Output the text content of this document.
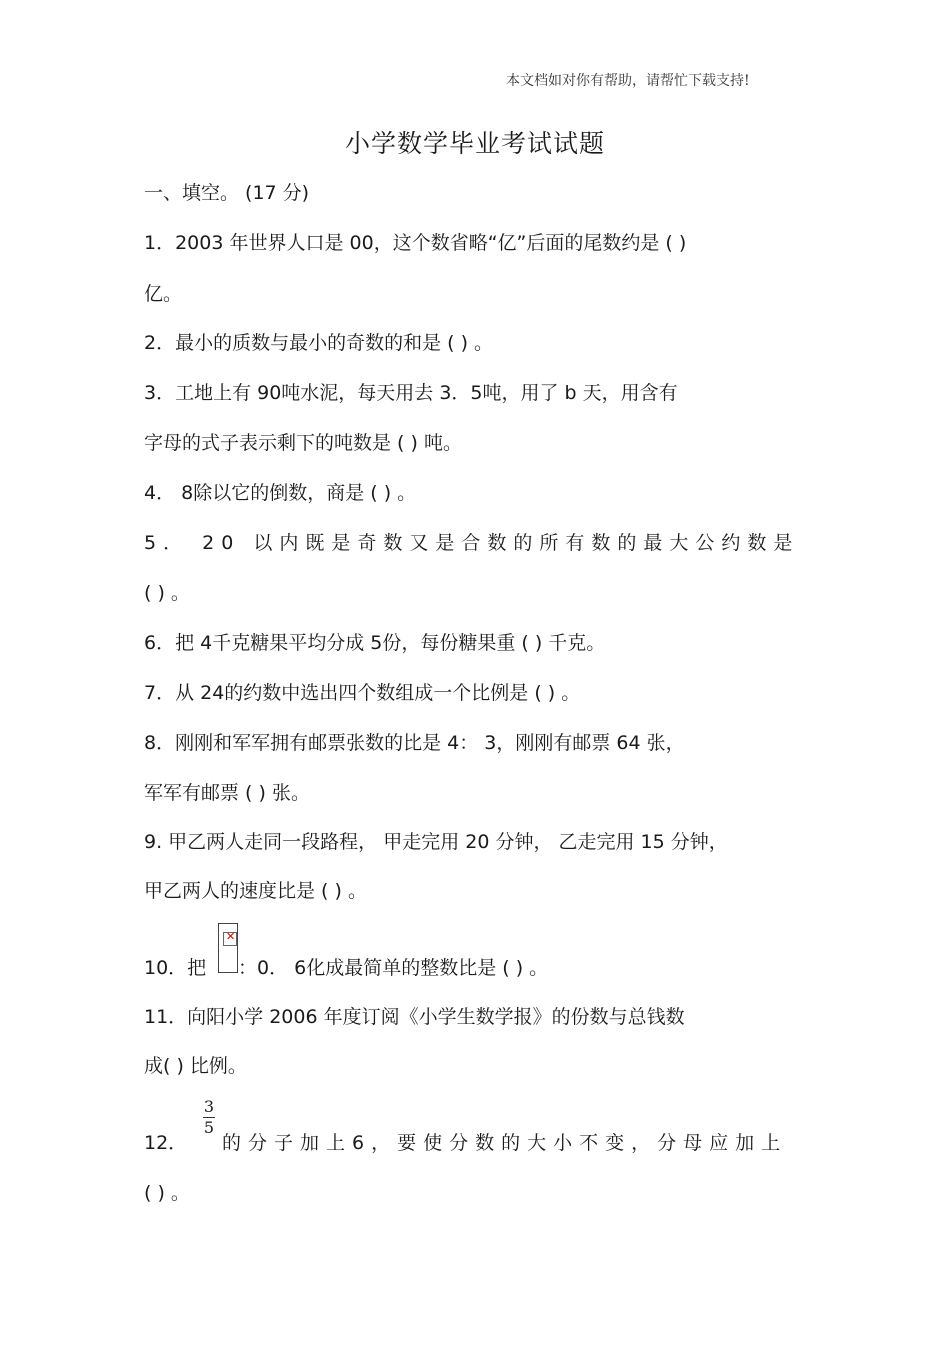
本文档如对你有帮助，请帮忙下载支持!
小学数学毕业考试试题
一、填空。 (17 分)
1．2003 年世界人口是 00，这个数省略“亿”后面的尾数约是 ( )
亿。
2．最小的质数与最小的奇数的和是 ( ) 。
3．工地上有 90吨水泥，每天用去 3．5吨，用了 b 天，用含有
字母的式子表示剩下的吨数是 ( ) 吨。
4． 8除以它的倒数，商是 ( ) 。
5． 20 以内既是奇数又是合数的所有数的最大公约数是
( ) 。
6．把 4千克糖果平均分成 5份，每份糖果重 ( ) 千克。
7．从 24的约数中选出四个数组成一个比例是 ( ) 。
8．刚刚和军军拥有邮票张数的比是 4： 3，刚刚有邮票 64 张，
军军有邮票 ( ) 张。
9. 甲乙两人走同一段路程， 甲走完用 20 分钟， 乙走完用 15 分钟，
甲乙两人的速度比是 ( ) 。
10．把
✕
：0． 6化成最简单的整数比是 ( ) 。
11．向阳小学 2006 年度订阅《小学生数学报》的份数与总钱数
成( ) 比例。
12．
3
5
的分子加上6，要使分数的大小不变，分母应加上
( ) 。
